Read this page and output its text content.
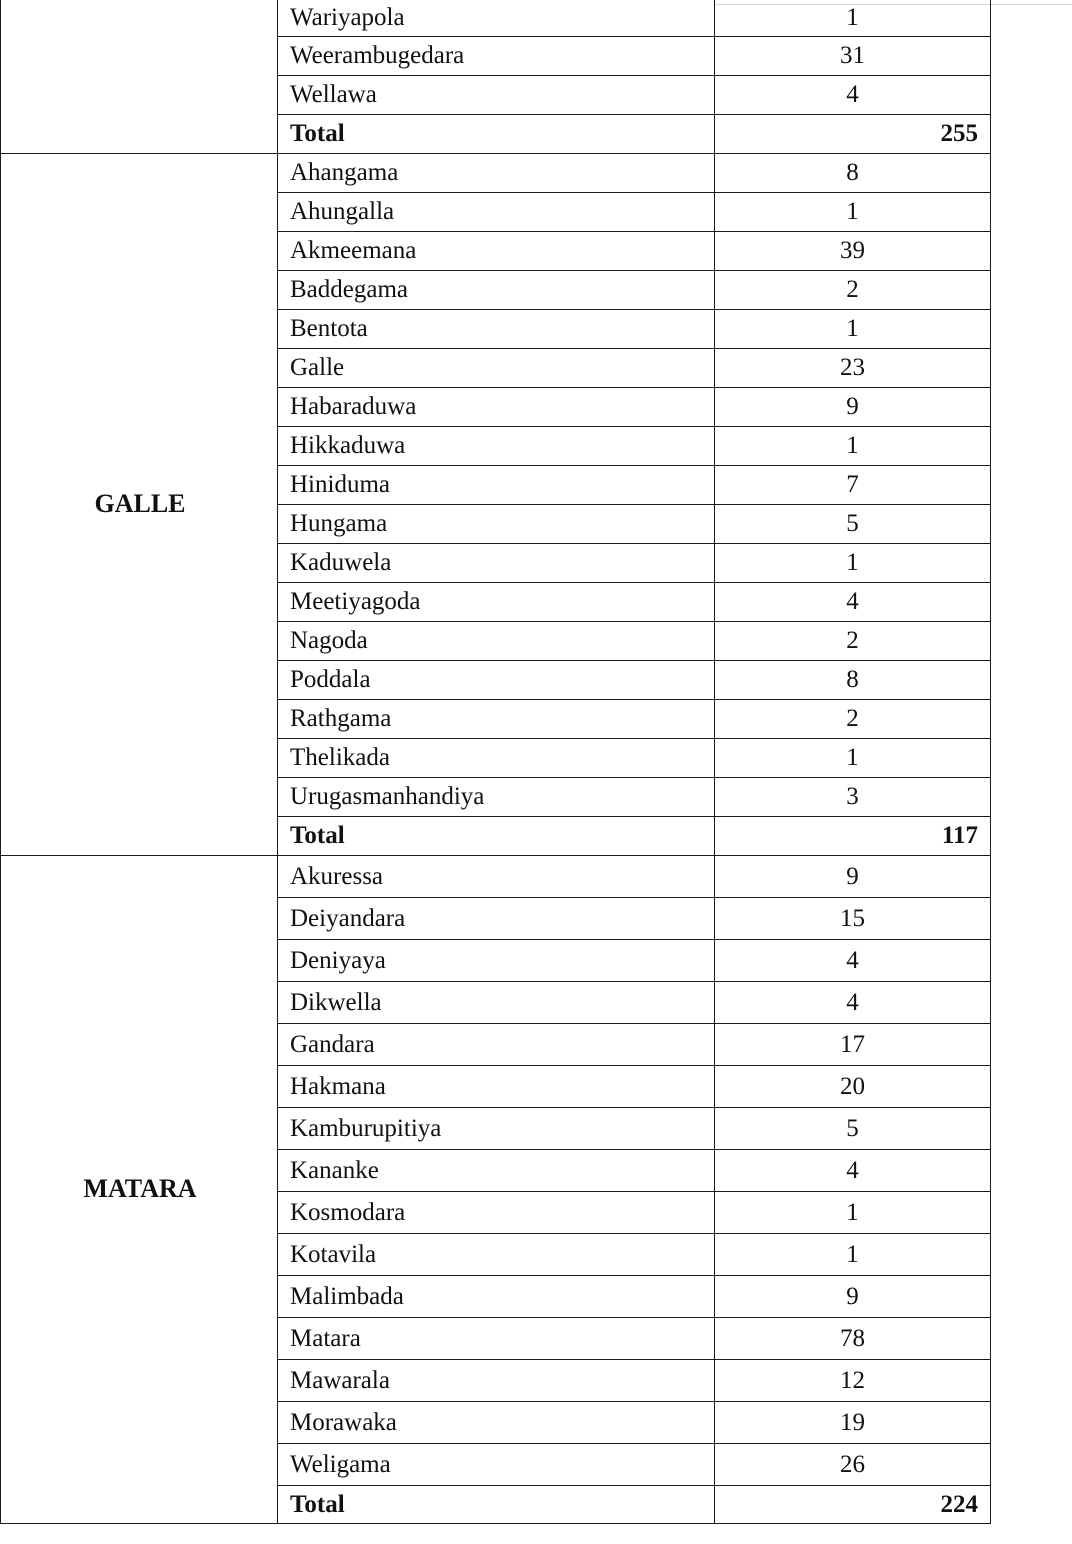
	Wariyapola	1
	Weerambugedara	31
	Wellawa	4
	Total	255
GALLE	Ahangama	8
	Ahungalla	1
	Akmeemana	39
	Baddegama	2
	Bentota	1
	Galle	23
	Habaraduwa	9
	Hikkaduwa	1
	Hiniduma	7
	Hungama	5
	Kaduwela	1
	Meetiyagoda	4
	Nagoda	2
	Poddala	8
	Rathgama	2
	Thelikada	1
	Urugasmanhandiya	3
	Total	117
MATARA	Akuressa	9
	Deiyandara	15
	Deniyaya	4
	Dikwella	4
	Gandara	17
	Hakmana	20
	Kamburupitiya	5
	Kananke	4
	Kosmodara	1
	Kotavila	1
	Malimbada	9
	Matara	78
	Mawarala	12
	Morawaka	19
	Weligama	26
	Total	224
